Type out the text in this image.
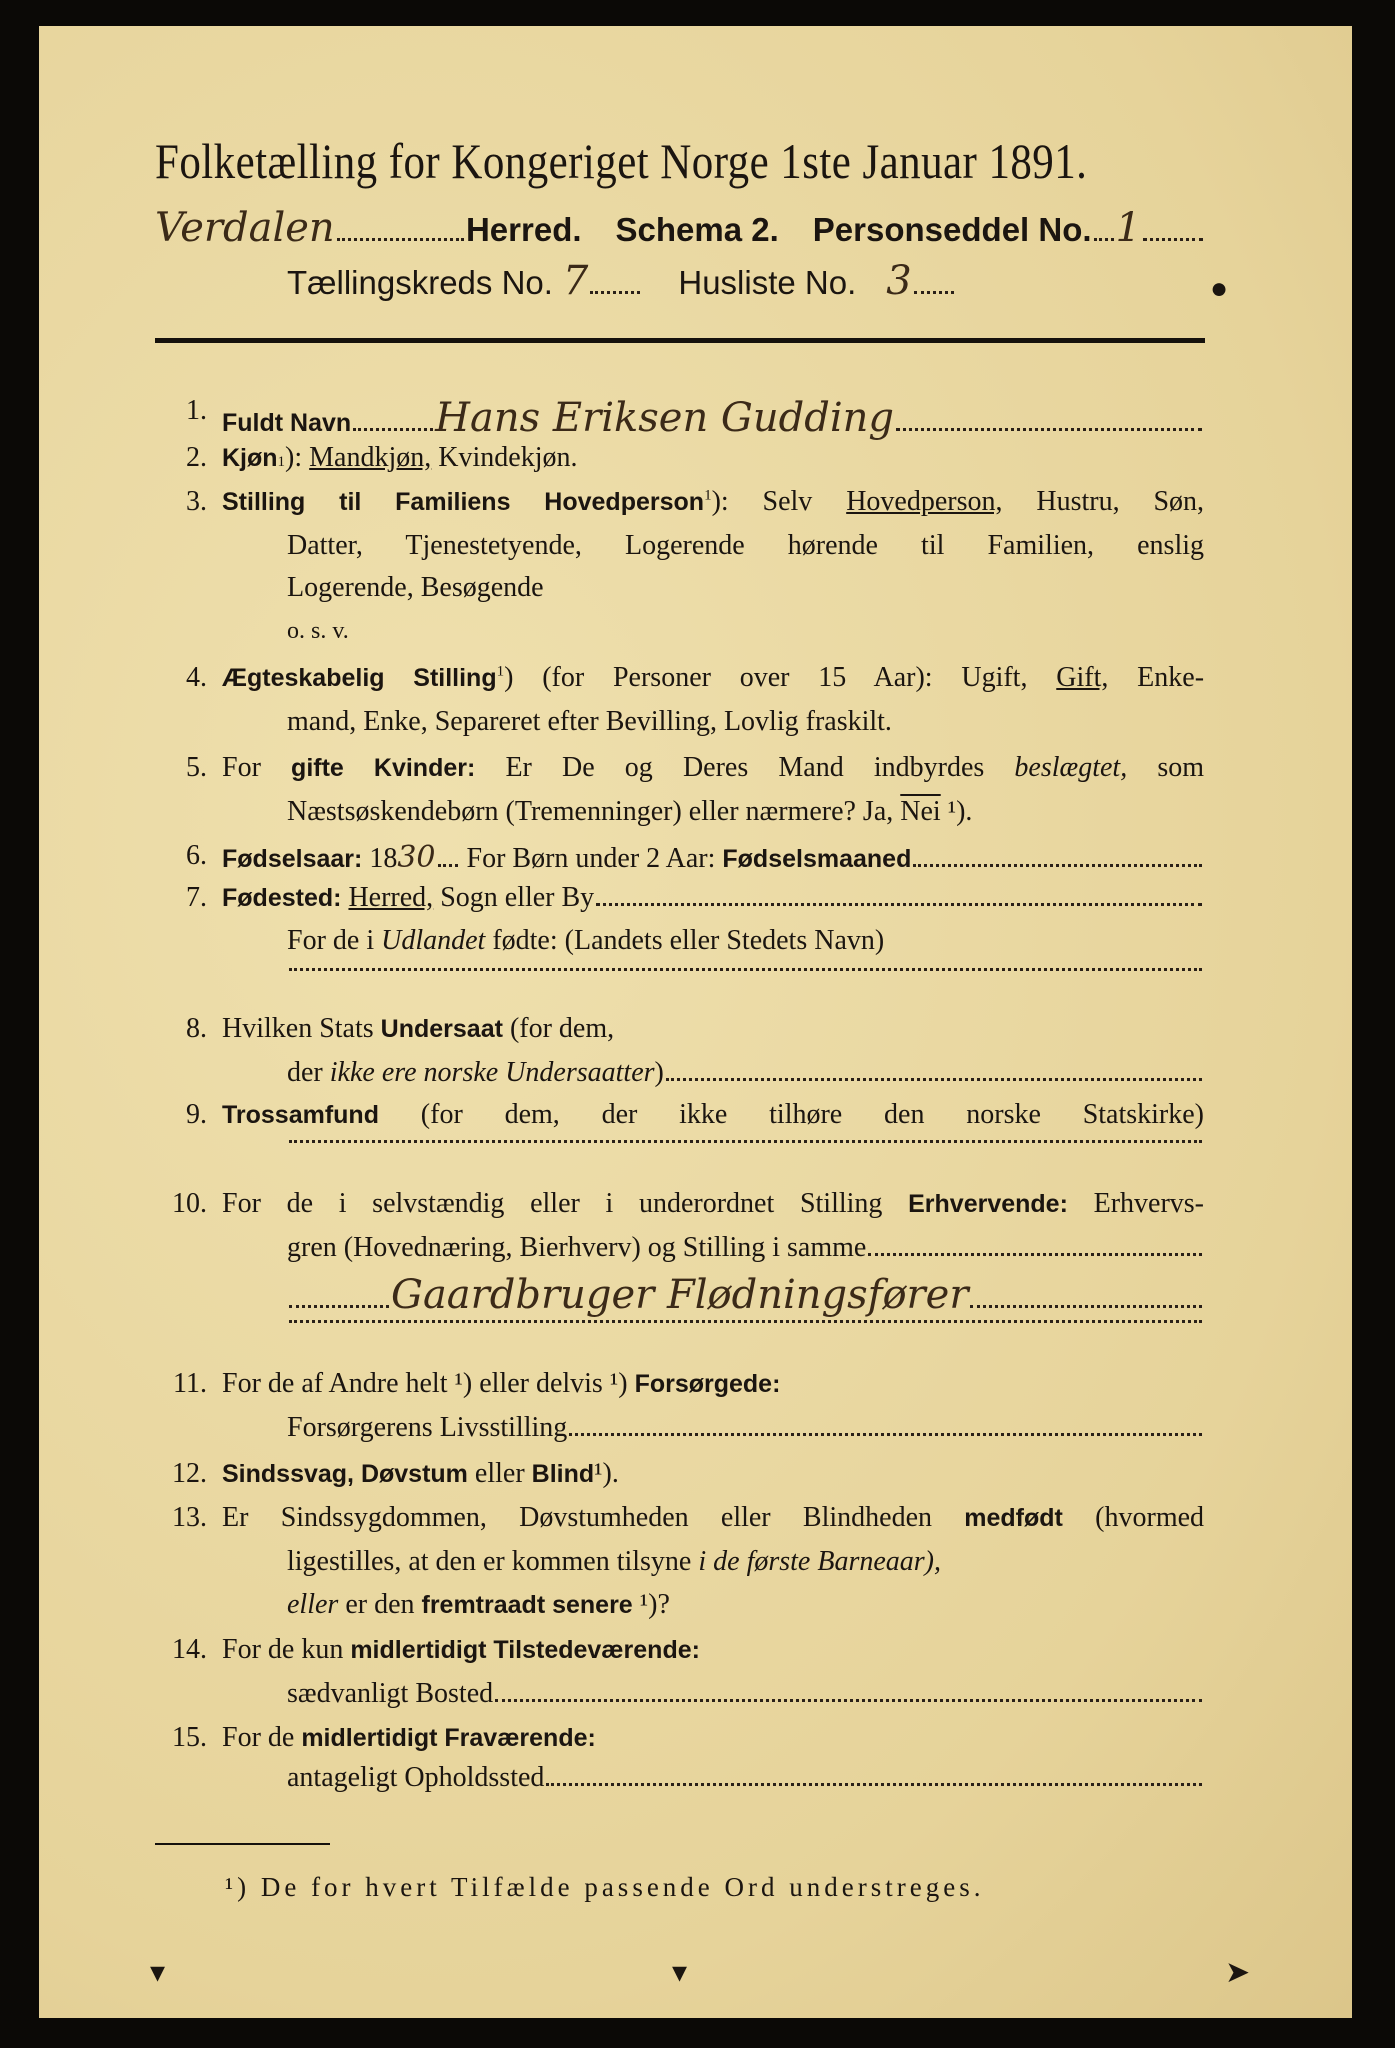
Folketælling for Kongeriget Norge 1ste Januar 1891.
Verdalen	Herred. Schema 2. Personseddel No. 1
Tællingskreds No. 7	Husliste No. 3	●
1. Fuldt Navn Hans Eriksen Gudding
2. Kjøn 1 ):
Mandkjøn,
Kvindekjøn.
3. Stilling til Familiens Hovedperson$^1$): Selv Hovedperson, Hustru, Søn,
Datter, Tjenestetyende, Logerende hørende til Familien, enslig
Logerende, Besøgende
o. s. v.
4. Ægteskabelig Stilling$^1$) (for Personer over 15 Aar): Ugift, Gift, Enke-
mand, Enke, Separeret efter Bevilling, Lovlig fraskilt.
5. For gifte Kvinder: Er De og Deres Mand indbyrdes beslægtet, som
Næstsøskendebørn (Tremenninger) eller nærmere? Ja,
$\overline{Nei}$
¹).
6. Fødselsaar:
18 30
For Børn under 2 Aar:
Fødselsmaaned
7. Fødested:
Herred,
Sogn eller By
For de i
Udlandet
fødte: (Landets eller Stedets Navn)
8. Hvilken Stats
Undersaat
(for dem,
der
ikke ere norske Undersaatter )
9. Trossamfund (for dem, der ikke tilhøre den norske Statskirke)
10. For de i selvstændig eller i underordnet Stilling Erhvervende: Erhvervs-
gren (Hovednæring, Bierhverv) og Stilling i samme
Gaardbruger Flødningsfører
11. For de af Andre helt ¹) eller delvis ¹)
Forsørgede:
Forsørgerens Livsstilling
12. Sindssvag, Døvstum
eller
Blind ¹).
13. Er Sindssygdommen, Døvstumheden eller Blindheden medfødt (hvormed
ligestilles, at den er kommen tilsyne
i de første Barneaar),
eller
er den
fremtraadt senere
¹)?
14. For de kun
midlertidigt Tilstedeværende:
sædvanligt Bosted
15. For de
midlertidigt Fraværende:
antageligt Opholdssted
¹) De for hvert Tilfælde passende Ord understreges.
▾	▾	➤
